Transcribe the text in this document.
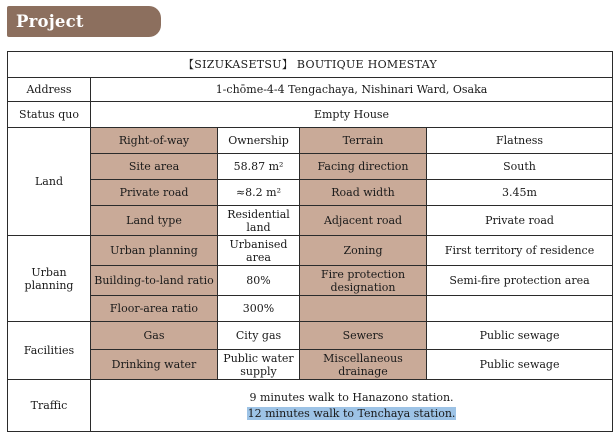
Project Summary
【SIZUKASETSU】 BOUTIQUE HOMESTAY				
Address	1-chōme-4-4 Tengachaya, Nishinari Ward, Osaka			
Status quo	Empty House			
Land	Right-of-way	Ownership	Terrain	Flatness
	Site area	58.87 m²	Facing direction	South
	Private road	≈8.2 m²	Road width	3.45m
	Land type	Residential land	Adjacent road	Private road
Urban planning	Urban planning	Urbanised area	Zoning	First territory of residence
	Building-to-land ratio	80%	Fire protection designation	Semi-fire protection area
	Floor-area ratio	300%		
Facilities	Gas	City gas	Sewers	Public sewage
	Drinking water	Public water supply	Miscellaneous drainage	Public sewage
Traffic	9 minutes walk to Hanazono station.
12 minutes walk to Tenchaya station.			
